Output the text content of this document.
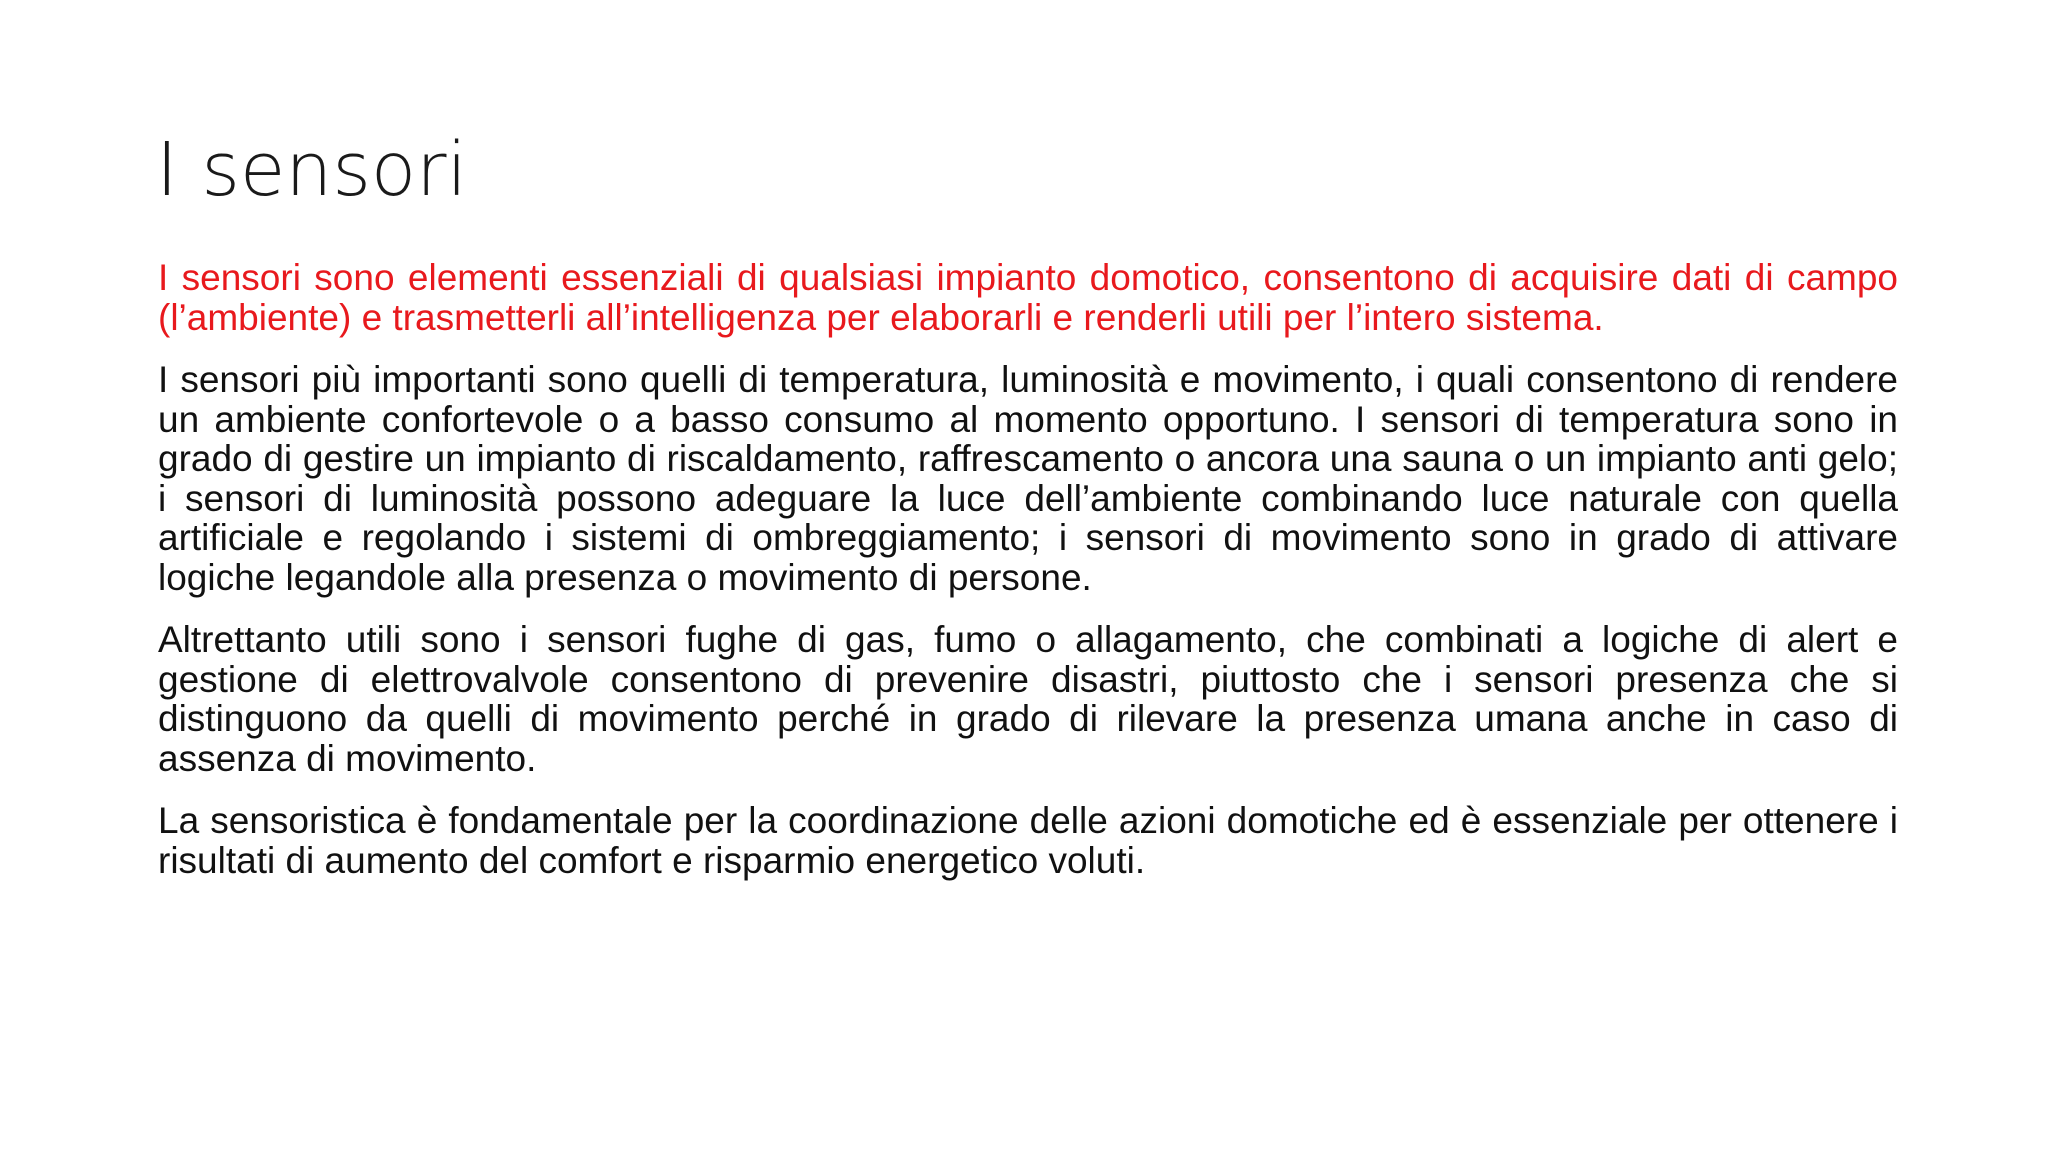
I sensori

I sensori sono elementi essenziali di qualsiasi impianto domotico, consentono di acquisire dati di campo (l’ambiente) e trasmetterli all’intelligenza per elaborarli e renderli utili per l’intero sistema.

I sensori più importanti sono quelli di temperatura, luminosità e movimento, i quali consentono di rendere un ambiente confortevole o a basso consumo al momento opportuno. I sensori di temperatura sono in grado di gestire un impianto di riscaldamento, raffrescamento o ancora una sauna o un impianto anti gelo; i sensori di luminosità possono adeguare la luce dell’ambiente combinando luce naturale con quella artificiale e regolando i sistemi di ombreggiamento; i sensori di movimento sono in grado di attivare logiche legandole alla presenza o movimento di persone.

Altrettanto utili sono i sensori fughe di gas, fumo o allagamento, che combinati a logiche di alert e gestione di elettrovalvole consentono di prevenire disastri, piuttosto che i sensori presenza che si distinguono da quelli di movimento perché in grado di rilevare la presenza umana anche in caso di assenza di movimento.

La sensoristica è fondamentale per la coordinazione delle azioni domotiche ed è essenziale per ottenere i risultati di aumento del comfort e risparmio energetico voluti.
